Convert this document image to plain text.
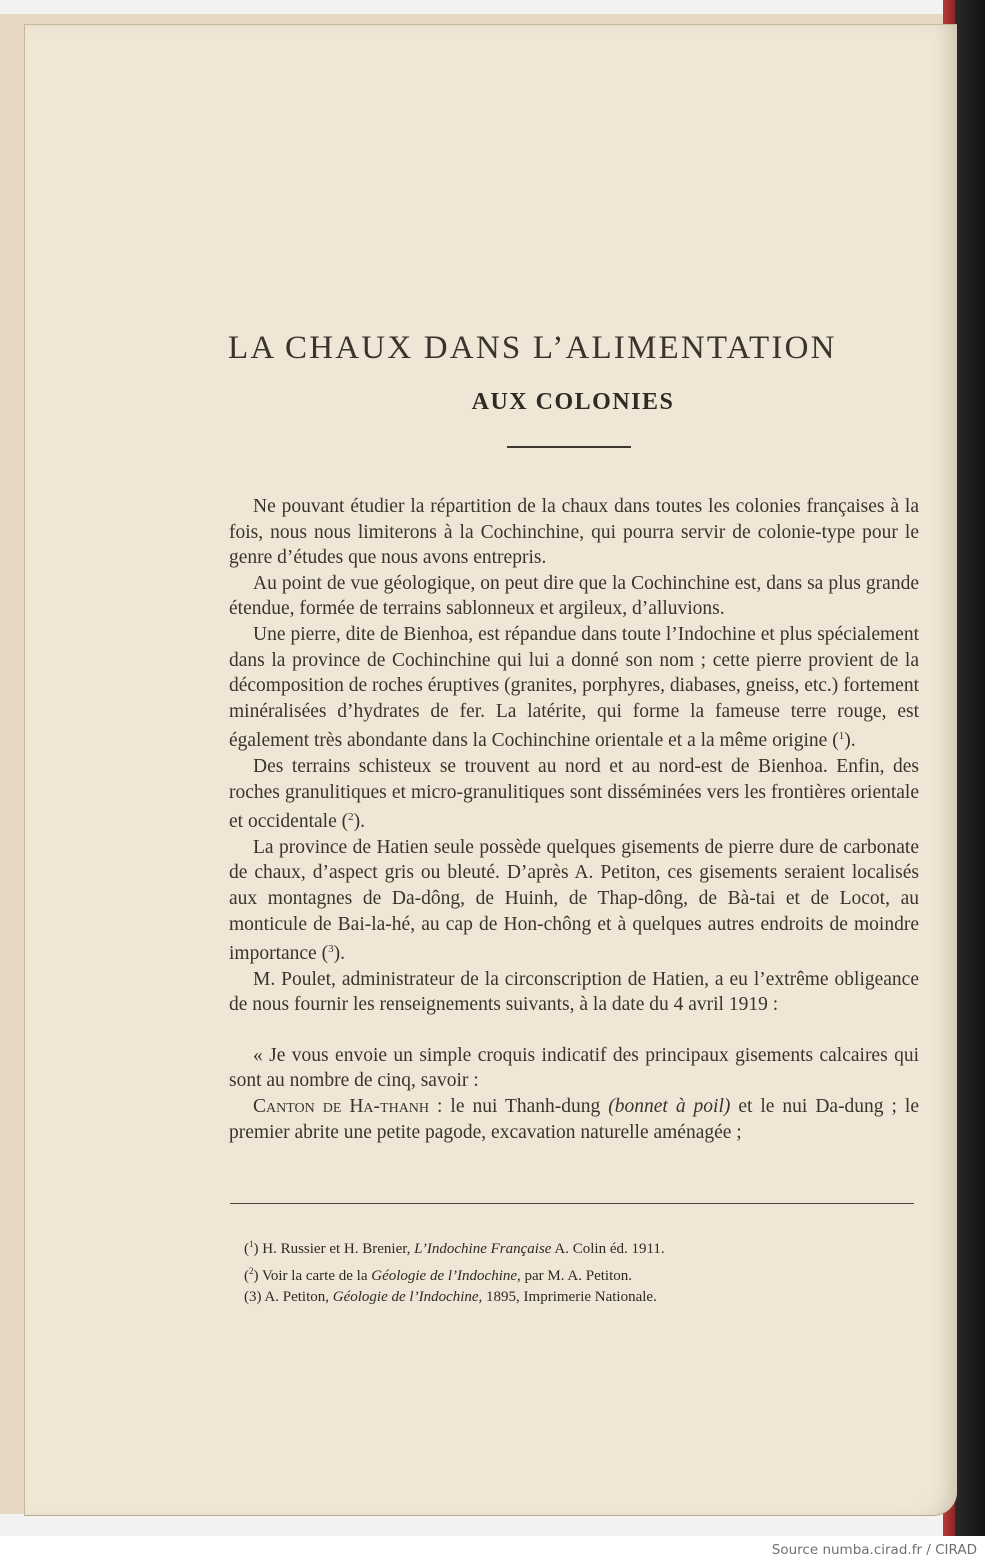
LA CHAUX DANS L’ALIMENTATION
AUX COLONIES

Ne pouvant étudier la répartition de la chaux dans toutes les colonies françaises à la fois, nous nous limiterons à la Cochinchine, qui pourra servir de colonie-type pour le genre d’études que nous avons entrepris.

Au point de vue géologique, on peut dire que la Cochinchine est, dans sa plus grande étendue, formée de terrains sablonneux et argileux, d’alluvions.

Une pierre, dite de Bienhoa, est répandue dans toute l’Indochine et plus spécialement dans la province de Cochinchine qui lui a donné son nom ; cette pierre provient de la décomposition de roches éruptives (granites, porphyres, diabases, gneiss, etc.) fortement minéralisées d’hydrates de fer. La latérite, qui forme la fameuse terre rouge, est également très abondante dans la Cochinchine orientale et a la même origine ($^1$).

Des terrains schisteux se trouvent au nord et au nord-est de Bienhoa. Enfin, des roches granulitiques et micro-granulitiques sont disséminées vers les frontières orientale et occidentale ($^2$).

La province de Hatien seule possède quelques gisements de pierre dure de carbonate de chaux, d’aspect gris ou bleuté. D’après A. Petiton, ces gisements seraient localisés aux montagnes de Da-dông, de Huinh, de Thap-dông, de Bà-tai et de Locot, au monticule de Bai-la-hé, au cap de Hon-chông et à quelques autres endroits de moindre importance ($^3$).

M. Poulet, administrateur de la circonscription de Hatien, a eu l’extrême obligeance de nous fournir les renseignements suivants, à la date du 4 avril 1919 :

« Je vous envoie un simple croquis indicatif des principaux gisements calcaires qui sont au nombre de cinq, savoir :

Canton de Ha-thanh : le nui Thanh-dung (bonnet à poil) et le nui Da-dung ; le premier abrite une petite pagode, excavation naturelle aménagée ;

($^1$) H. Russier et H. Brenier, L’Indochine Française A. Colin éd. 1911.
($^2$) Voir la carte de la Géologie de l’Indochine, par M. A. Petiton.
(3) A. Petiton, Géologie de l’Indochine, 1895, Imprimerie Nationale.
Source numba.cirad.fr / CIRAD
